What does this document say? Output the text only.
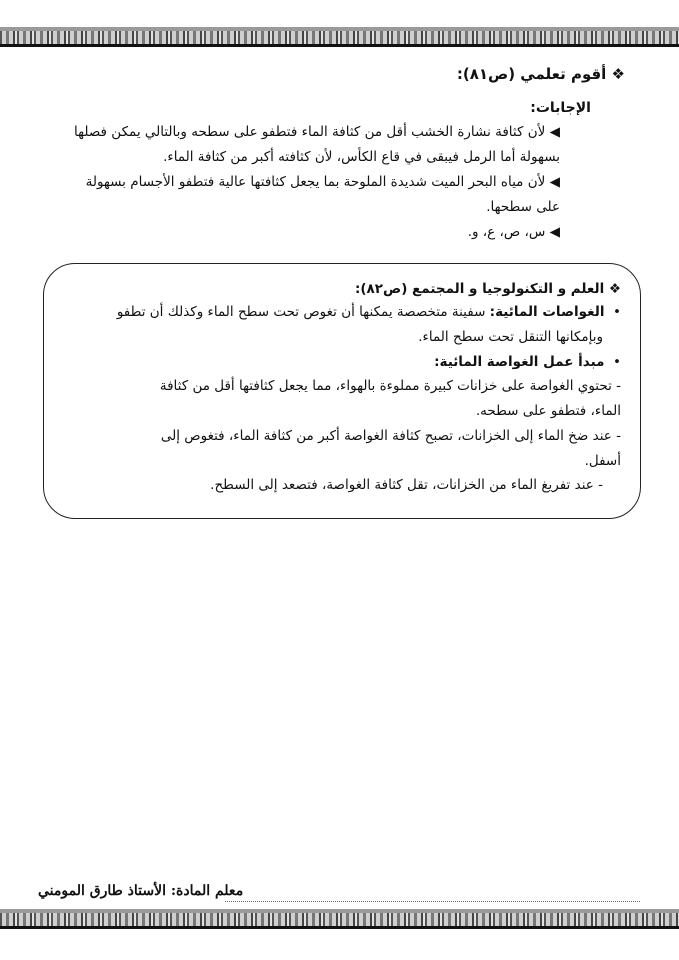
❖ أقوم تعلمي (ص٨١):
الإجابات:
◀ لأن كثافة نشارة الخشب أقل من كثافة الماء فتطفو على سطحه وبالتالي يمكن فصلها
بسهولة أما الرمل فيبقى في قاع الكأس، لأن كثافته أكبر من كثافة الماء.
◀ لأن مياه البحر الميت شديدة الملوحة بما يجعل كثافتها عالية فتطفو الأجسام بسهولة
على سطحها.
◀ س، ص، ع، و.
❖ العلم و التكنولوجيا و المجتمع (ص٨٢):
•  الغواصات المائية: سفينة متخصصة يمكنها أن تغوص تحت سطح الماء وكذلك أن تطفو
وبإمكانها التنقل تحت سطح الماء.
•  مبدأ عمل الغواصة المائية:
- تحتوي الغواصة على خزانات كبيرة مملوءة بالهواء، مما يجعل كثافتها أقل من كثافة
الماء، فتطفو على سطحه.
- عند ضخ الماء إلى الخزانات، تصبح كثافة الغواصة أكبر من كثافة الماء، فتغوص إلى
أسفل.
- عند تفريغ الماء من الخزانات، تقل كثافة الغواصة، فتصعد إلى السطح.
معلم المادة: الأستاذ طارق المومني
